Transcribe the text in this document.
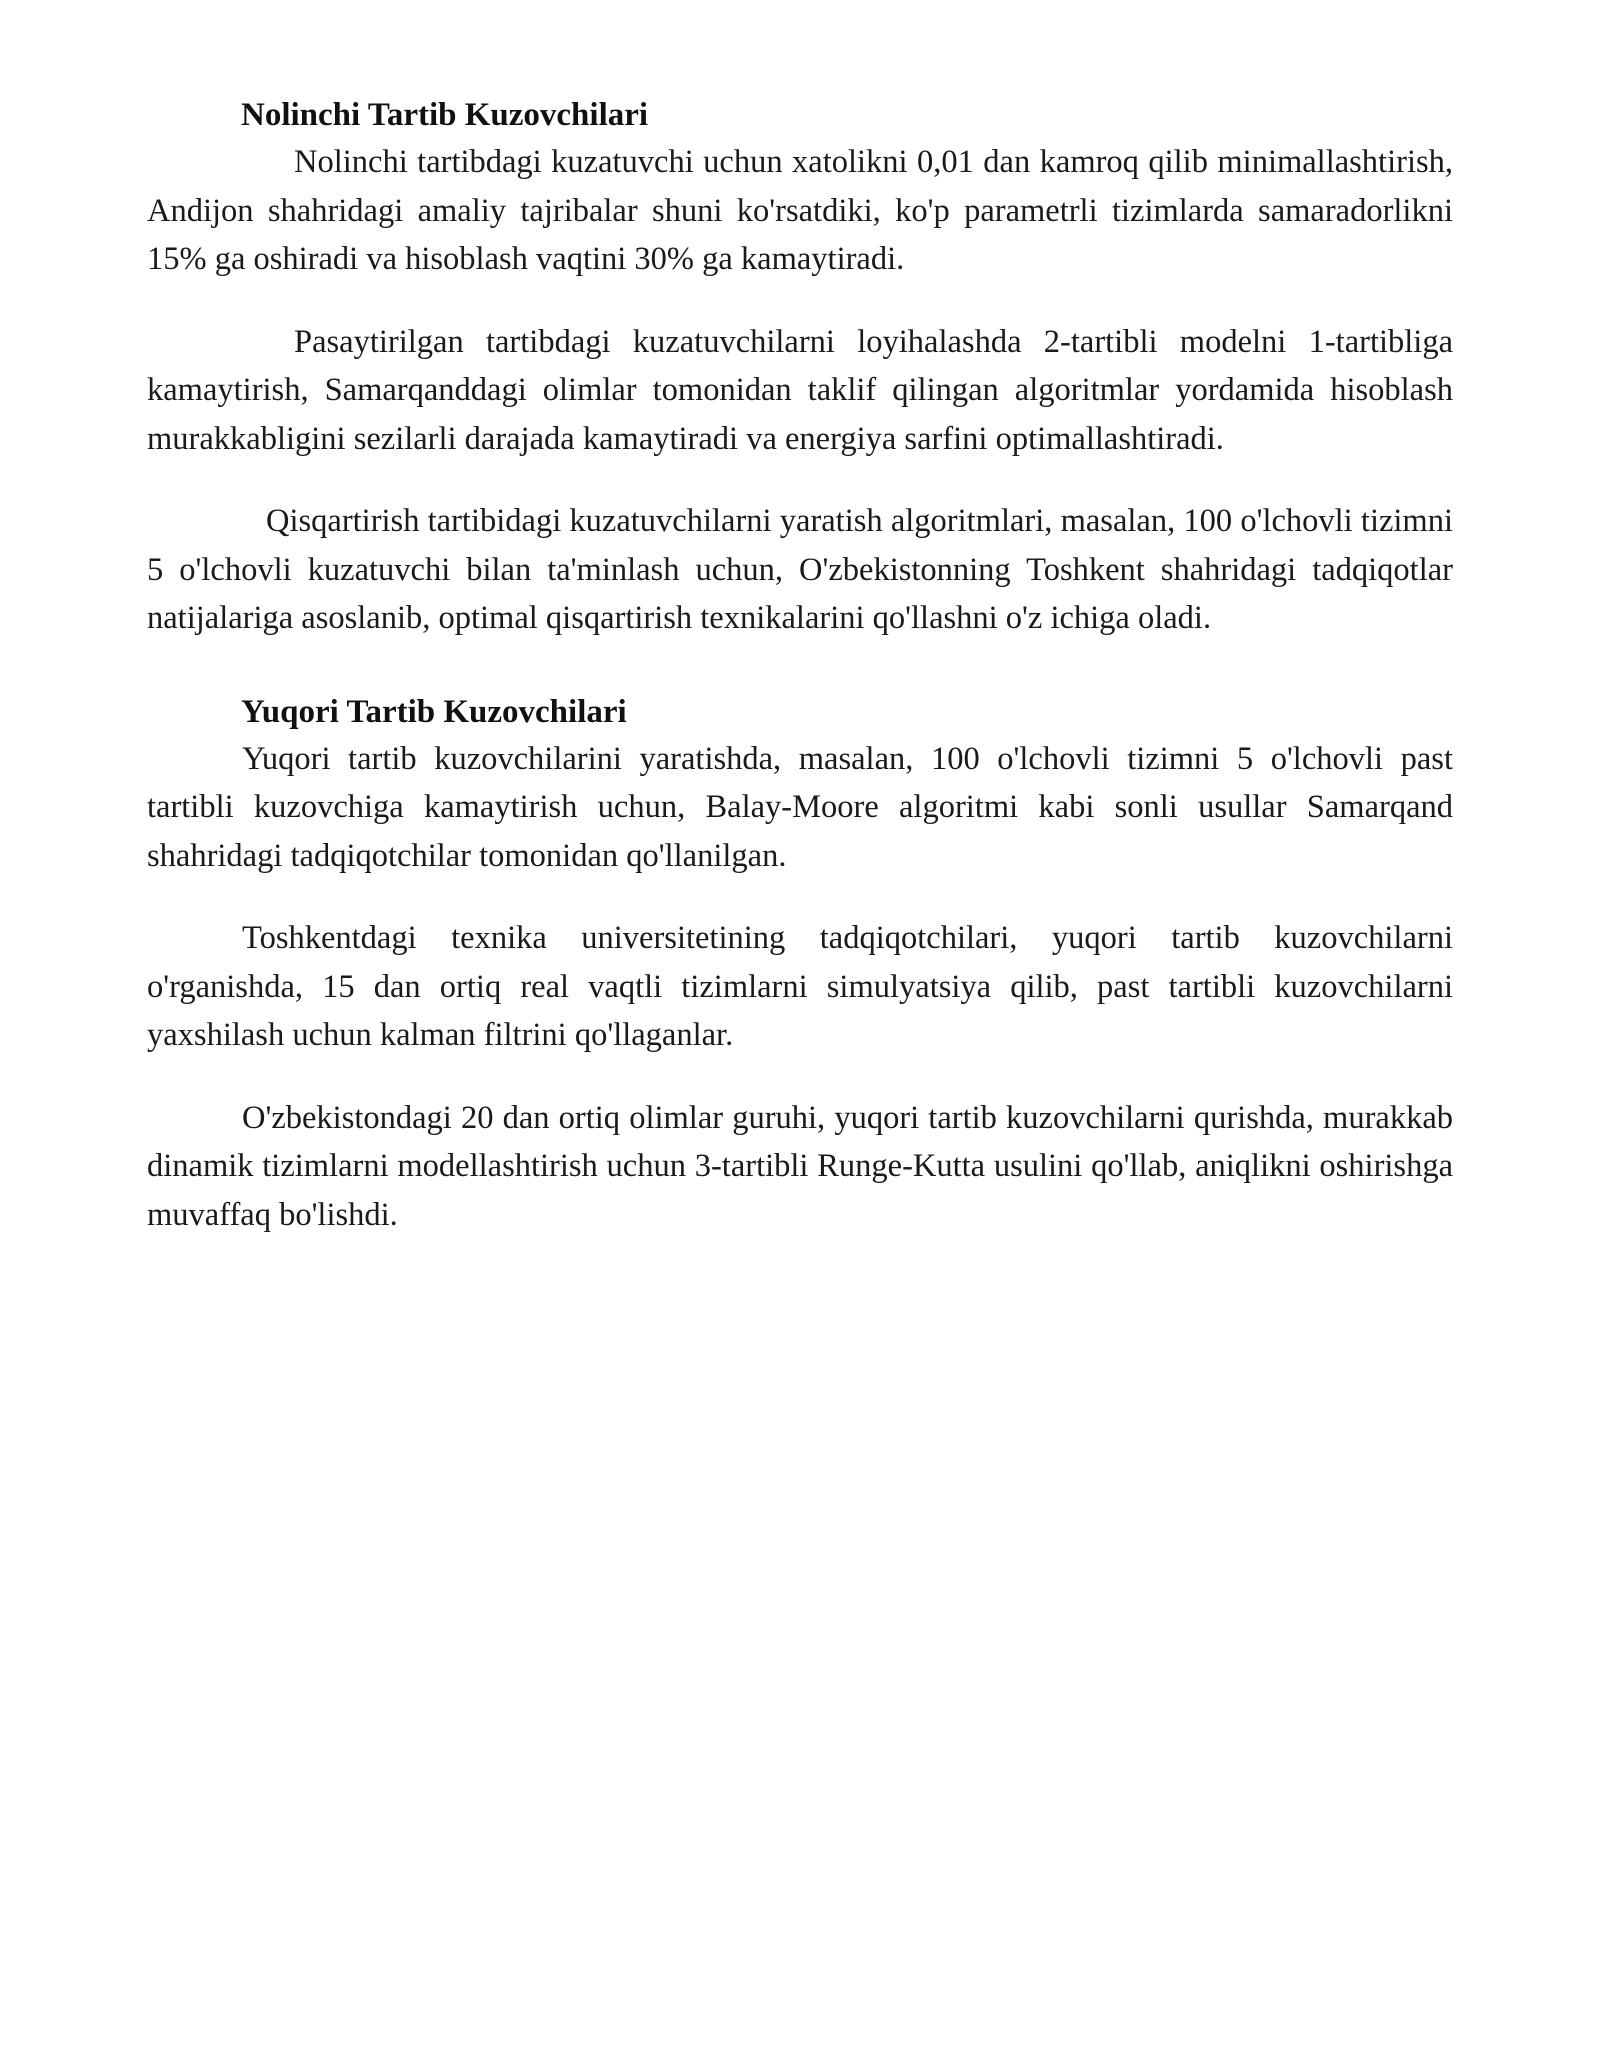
Nolinchi Tartib Kuzovchilari

Nolinchi tartibdagi kuzatuvchi uchun xatolikni 0,01 dan kamroq qilib minimallashtirish, Andijon shahridagi amaliy tajribalar shuni ko'rsatdiki, ko'p parametrli tizimlarda samaradorlikni 15% ga oshiradi va hisoblash vaqtini 30% ga kamaytiradi.

Pasaytirilgan tartibdagi kuzatuvchilarni loyihalashda 2-tartibli modelni 1-tartibliga kamaytirish, Samarqanddagi olimlar tomonidan taklif qilingan algoritmlar yordamida hisoblash murakkabligini sezilarli darajada kamaytiradi va energiya sarfini optimallashtiradi.

Qisqartirish tartibidagi kuzatuvchilarni yaratish algoritmlari, masalan, 100 o'lchovli tizimni 5 o'lchovli kuzatuvchi bilan ta'minlash uchun, O'zbekistonning Toshkent shahridagi tadqiqotlar natijalariga asoslanib, optimal qisqartirish texnikalarini qo'llashni o'z ichiga oladi.

Yuqori Tartib Kuzovchilari

Yuqori tartib kuzovchilarini yaratishda, masalan, 100 o'lchovli tizimni 5 o'lchovli past tartibli kuzovchiga kamaytirish uchun, Balay-Moore algoritmi kabi sonli usullar Samarqand shahridagi tadqiqotchilar tomonidan qo'llanilgan.

Toshkentdagi texnika universitetining tadqiqotchilari, yuqori tartib kuzovchilarni o'rganishda, 15 dan ortiq real vaqtli tizimlarni simulyatsiya qilib, past tartibli kuzovchilarni yaxshilash uchun kalman filtrini qo'llaganlar.

O'zbekistondagi 20 dan ortiq olimlar guruhi, yuqori tartib kuzovchilarni qurishda, murakkab dinamik tizimlarni modellashtirish uchun 3-tartibli Runge-Kutta usulini qo'llab, aniqlikni oshirishga muvaffaq bo'lishdi.
